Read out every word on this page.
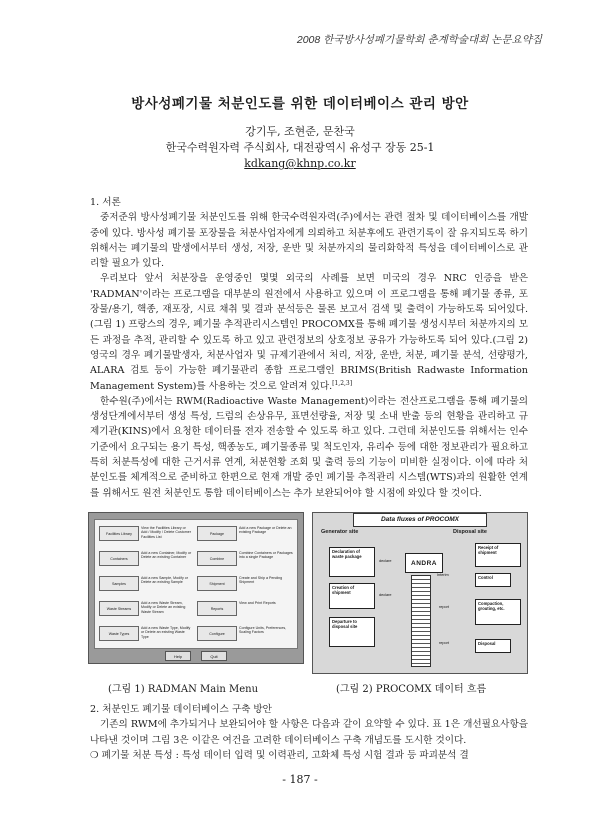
2008 한국방사성폐기물학회 춘계학술대회 논문요약집
방사성폐기물 처분인도를 위한 데이터베이스 관리 방안
강기두, 조현준, 문찬국
한국수력원자력 주식회사, 대전광역시 유성구 장동 25-1
kdkang@khnp.co.kr

1. 서론

중저준위 방사성폐기물 처분인도를 위해 한국수력원자력(주)에서는 관련 절차 및 데이터베이스를 개발중에 있다. 방사성 폐기물 포장물을 처분사업자에게 의뢰하고 처분후에도 관련기록이 잘 유지되도록 하기 위해서는 폐기물의 발생에서부터 생성, 저장, 운반 및 처분까지의 물리화학적 특성을 데이터베이스로 관리할 필요가 있다.

우리보다 앞서 처분장을 운영중인 몇몇 외국의 사례를 보면 미국의 경우 NRC 인증을 받은 'RADMAN'이라는 프로그램을 대부분의 원전에서 사용하고 있으며 이 프로그램을 통해 폐기물 종류, 포장물/용기, 핵종, 재포장, 시료 채취 및 결과 분석등은 물론 보고서 검색 및 출력이 가능하도록 되어있다.(그림 1) 프랑스의 경우, 폐기물 추적관리시스템인 PROCOMX를 통해 폐기물 생성시부터 처분까지의 모든 과정을 추적, 관리할 수 있도록 하고 있고 관련정보의 상호정보 공유가 가능하도록 되어 있다.(그림 2) 영국의 경우 폐기물발생자, 처분사업자 및 규제기관에서 처리, 저장, 운반, 처분, 폐기물 분석, 선량평가, ALARA 검토 등이 가능한 폐기물관리 종합 프로그램인 BRIMS(British Radwaste Information Management System)를 사용하는 것으로 알려져 있다.[1,2,3]

한수원(주)에서는 RWM(Radioactive Waste Management)이라는 전산프로그램을 통해 폐기물의 생성단계에서부터 생성 특성, 드럼의 손상유무, 표면선량율, 저장 및 소내 반출 등의 현황을 관리하고 규제기관(KINS)에서 요청한 데이터를 전자 전송할 수 있도록 하고 있다. 그런데 처분인도를 위해서는 인수기준에서 요구되는 용기 특성, 핵종농도, 폐기물종류 및 척도인자, 유리수 등에 대한 정보관리가 필요하고 특히 처분특성에 대한 근거서류 연계, 처분현황 조회 및 출력 등의 기능이 미비한 실정이다. 이에 따라 처분인도를 체계적으로 준비하고 한편으로 현재 개발 중인 폐기물 추적관리 시스템(WTS)과의 원활한 연계를 위해서도 원전 처분인도 통합 데이터베이스는 추가 보완되어야 할 시점에 와있다 할 것이다.

Facilities Library
View the Facilities Library or Add / Modify / Delete Customer Facilities List
Containers
Add a new Container, Modify or Delete an existing Container
Samples
Add a new Sample, Modify or Delete an existing Sample
Waste Streams
Add a new Waste Stream, Modify or Delete an existing Waste Stream
Waste Types
Add a new Waste Type, Modify or Delete an existing Waste Type
Package
Add a new Package or Delete an existing Package
Combine
Combine Containers or Packages into a single Package
Shipment
Create and Ship a Pending Shipment
Reports
View and Print Reports
Configure
Configure Units, Preferences, Scaling Factors
Help	Quit
Data fluxes of PROCOMX
Generator site	Disposal site
Declaration of waste package
Creation of shipment
Departure to disposal site
ANDRA
declare
declare
Interim
report
report
Receipt of shipment
Control
Compaction, grouting, etc.
Disposal
(그림 1) RADMAN Main Menu	(그림 2) PROCOMX 데이터 흐름

2. 처분인도 폐기물 데이터베이스 구축 방안

기존의 RWM에 추가되거나 보완되어야 할 사항은 다음과 같이 요약할 수 있다. 표 1은 개선필요사항을 나타낸 것이며 그림 3은 이같은 여건을 고려한 데이터베이스 구축 개념도를 도시한 것이다.

❍ 폐기물 처분 특성 : 특성 데이터 입력 및 이력관리, 고화체 특성 시험 결과 등 파괴분석 결

- 187 -
